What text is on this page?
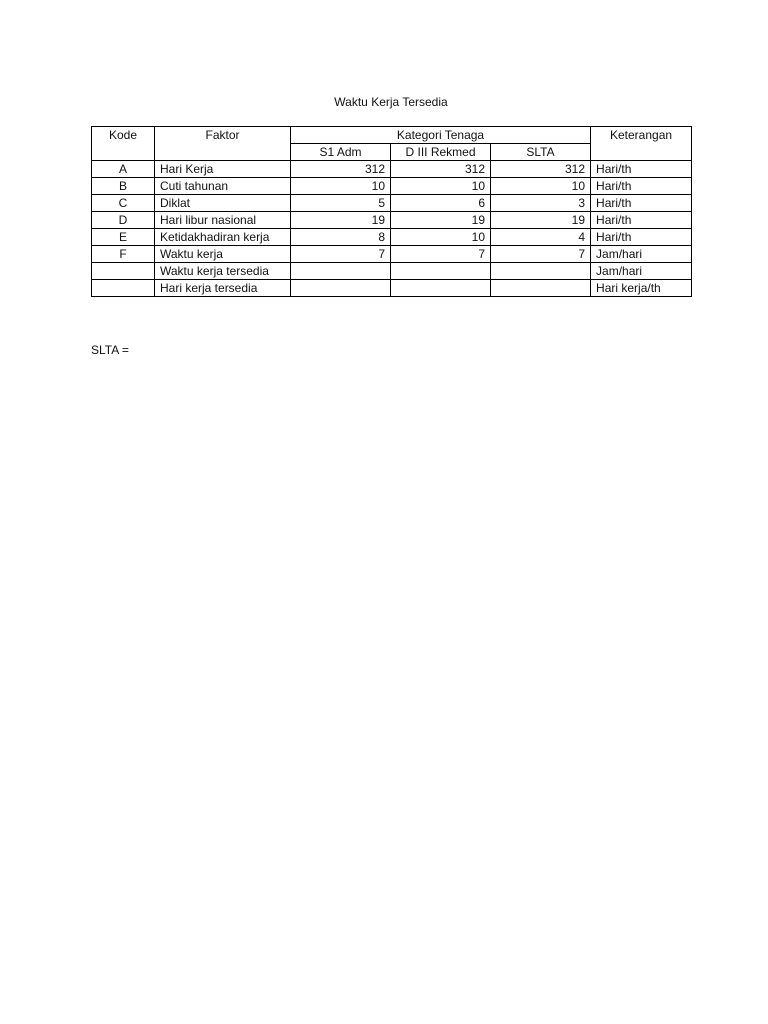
Waktu Kerja Tersedia
Kode	Faktor	Kategori Tenaga			Keterangan
		S1 Adm	D III Rekmed	SLTA	
A	Hari Kerja	312	312	312	Hari/th
B	Cuti tahunan	10	10	10	Hari/th
C	Diklat	5	6	3	Hari/th
D	Hari libur nasional	19	19	19	Hari/th
E	Ketidakhadiran kerja	8	10	4	Hari/th
F	Waktu kerja	7	7	7	Jam/hari
	Waktu kerja tersedia				Jam/hari
	Hari kerja tersedia				Hari kerja/th
SLTA =
